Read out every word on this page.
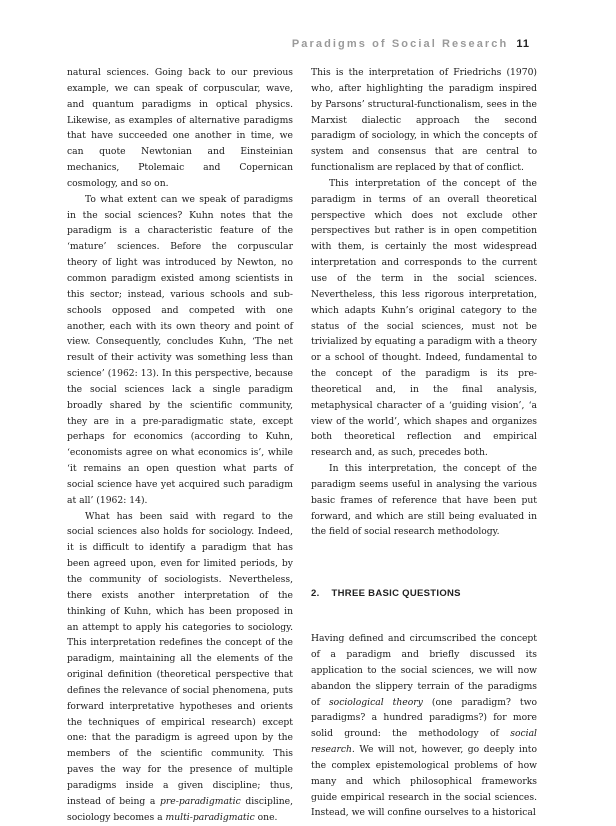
Paradigms of Social Research 11

natural sciences. Going back to our previous example, we can speak of corpuscular, wave, and quantum paradigms in optical physics. Likewise, as examples of alternative paradigms that have succeeded one another in time, we can quote Newtonian and Einsteinian mechanics, Ptolemaic and Copernican cosmology, and so on.

To what extent can we speak of paradigms in the social sciences? Kuhn notes that the paradigm is a characteristic feature of the ‘mature’ sciences. Before the corpuscular theory of light was introduced by Newton, no common paradigm existed among scientists in this sector; instead, various schools and sub-schools opposed and competed with one another, each with its own theory and point of view. Consequently, concludes Kuhn, ‘The net result of their activity was something less than science’ (1962: 13). In this perspective, because the social sciences lack a single paradigm broadly shared by the scientific community, they are in a pre-paradigmatic state, except perhaps for economics (according to Kuhn, ‘economists agree on what economics is’, while ‘it remains an open question what parts of social science have yet acquired such paradigm at all’ (1962: 14).

What has been said with regard to the social sciences also holds for sociology. Indeed, it is difficult to identify a paradigm that has been agreed upon, even for limited periods, by the community of sociologists. Nevertheless, there exists another interpretation of the thinking of Kuhn, which has been proposed in an attempt to apply his categories to sociology. This interpretation redefines the concept of the paradigm, maintaining all the elements of the original definition (theoretical perspective that defines the relevance of social phenomena, puts forward interpretative hypotheses and orients the techniques of empirical research) except one: that the paradigm is agreed upon by the members of the scientific community. This paves the way for the presence of multiple paradigms inside a given discipline; thus, instead of being a pre-paradigmatic discipline, sociology becomes a multi-paradigmatic one.

This is the interpretation of Friedrichs (1970) who, after highlighting the paradigm inspired by Parsons’ structural-functionalism, sees in the Marxist dialectic approach the second paradigm of sociology, in which the concepts of system and consensus that are central to functionalism are replaced by that of conflict.

This interpretation of the concept of the paradigm in terms of an overall theoretical perspective which does not exclude other perspectives but rather is in open competition with them, is certainly the most widespread interpretation and corresponds to the current use of the term in the social sciences. Nevertheless, this less rigorous interpretation, which adapts Kuhn’s original category to the status of the social sciences, must not be trivialized by equating a paradigm with a theory or a school of thought. Indeed, fundamental to the concept of the paradigm is its pre-theoretical and, in the final analysis, metaphysical character of a ‘guiding vision’, ‘a view of the world’, which shapes and organizes both theoretical reflection and empirical research and, as such, precedes both.

In this interpretation, the concept of the paradigm seems useful in analysing the various basic frames of reference that have been put forward, and which are still being evaluated in the field of social research methodology.

2. THREE BASIC QUESTIONS

Having defined and circumscribed the concept of a paradigm and briefly discussed its application to the social sciences, we will now abandon the slippery terrain of the paradigms of sociological theory (one paradigm? two paradigms? a hundred paradigms?) for more solid ground: the methodology of social research. We will not, however, go deeply into the complex epistemological problems of how many and which philosophical frameworks guide empirical research in the social sciences. Instead, we will confine ourselves to a historical
